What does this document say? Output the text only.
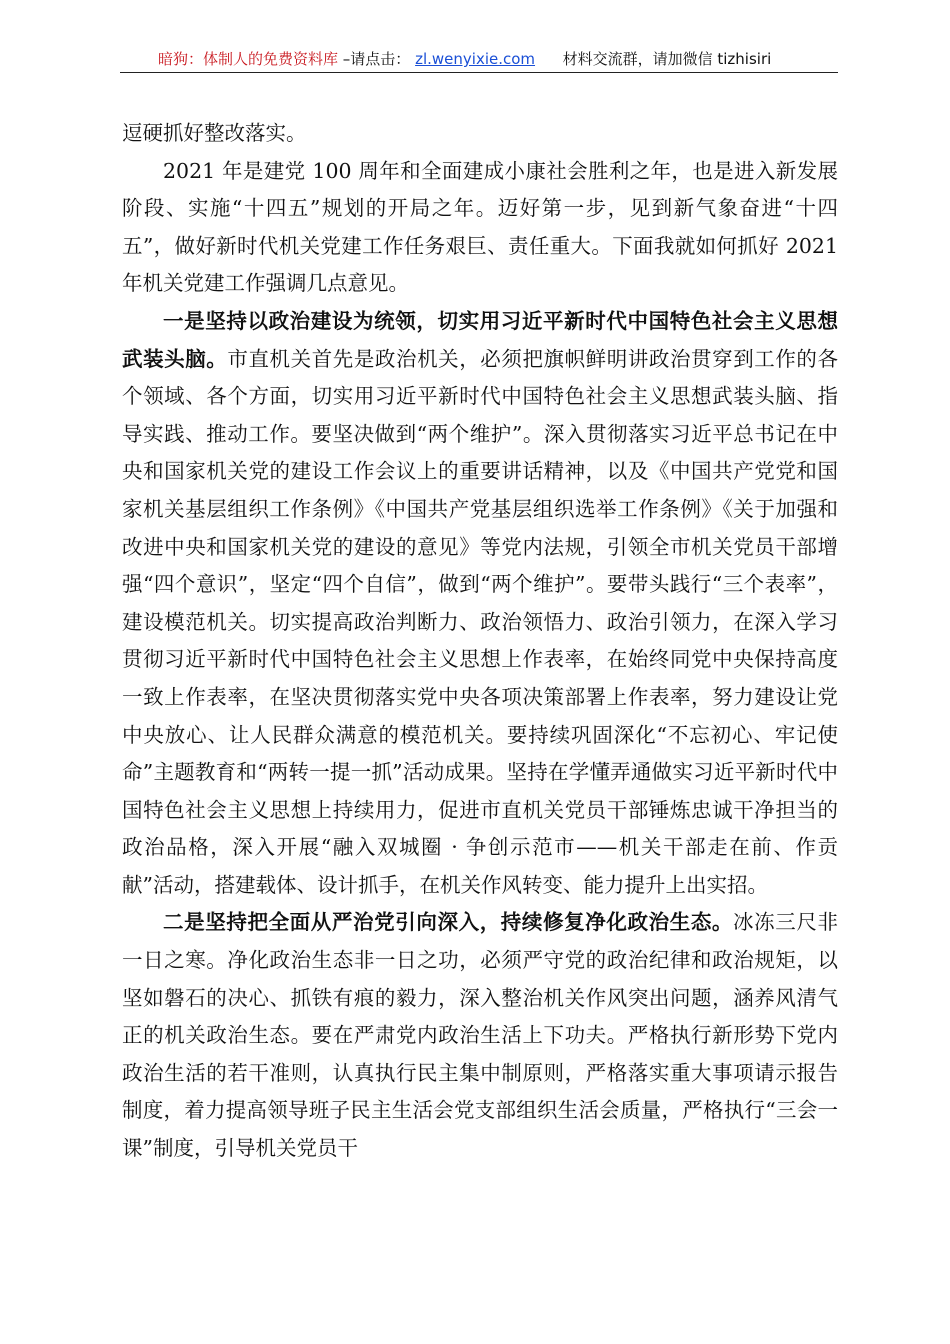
暗狗：体制人的免费资料库 –请点击： zl.wenyixie.com 材料交流群，请加微信 tizhisiri

逗硬抓好整改落实。

2021 年是建党 100 周年和全面建成小康社会胜利之年，也是进入新发展阶段、实施“十四五”规划的开局之年。迈好第一步，见到新气象奋进“十四五”，做好新时代机关党建工作任务艰巨、责任重大。下面我就如何抓好 2021 年机关党建工作强调几点意见。

一是坚持以政治建设为统领，切实用习近平新时代中国特色社会主义思想武装头脑。市直机关首先是政治机关，必须把旗帜鲜明讲政治贯穿到工作的各个领域、各个方面，切实用习近平新时代中国特色社会主义思想武装头脑、指导实践、推动工作。要坚决做到“两个维护”。深入贯彻落实习近平总书记在中央和国家机关党的建设工作会议上的重要讲话精神，以及《中国共产党党和国家机关基层组织工作条例》《中国共产党基层组织选举工作条例》《关于加强和改进中央和国家机关党的建设的意见》等党内法规，引领全市机关党员干部增强“四个意识”，坚定“四个自信”，做到“两个维护”。要带头践行“三个表率”，建设模范机关。切实提高政治判断力、政治领悟力、政治引领力，在深入学习贯彻习近平新时代中国特色社会主义思想上作表率，在始终同党中央保持高度一致上作表率，在坚决贯彻落实党中央各项决策部署上作表率，努力建设让党中央放心、让人民群众满意的模范机关。要持续巩固深化“不忘初心、牢记使命”主题教育和“两转一提一抓”活动成果。坚持在学懂弄通做实习近平新时代中国特色社会主义思想上持续用力，促进市直机关党员干部锤炼忠诚干净担当的政治品格，深入开展“融入双城圈 · 争创示范市——机关干部走在前、作贡献”活动，搭建载体、设计抓手，在机关作风转变、能力提升上出实招。

二是坚持把全面从严治党引向深入，持续修复净化政治生态。冰冻三尺非一日之寒。净化政治生态非一日之功，必须严守党的政治纪律和政治规矩，以坚如磐石的决心、抓铁有痕的毅力，深入整治机关作风突出问题，涵养风清气正的机关政治生态。要在严肃党内政治生活上下功夫。严格执行新形势下党内政治生活的若干准则，认真执行民主集中制原则，严格落实重大事项请示报告制度，着力提高领导班子民主生活会党支部组织生活会质量，严格执行“三会一课”制度，引导机关党员干
